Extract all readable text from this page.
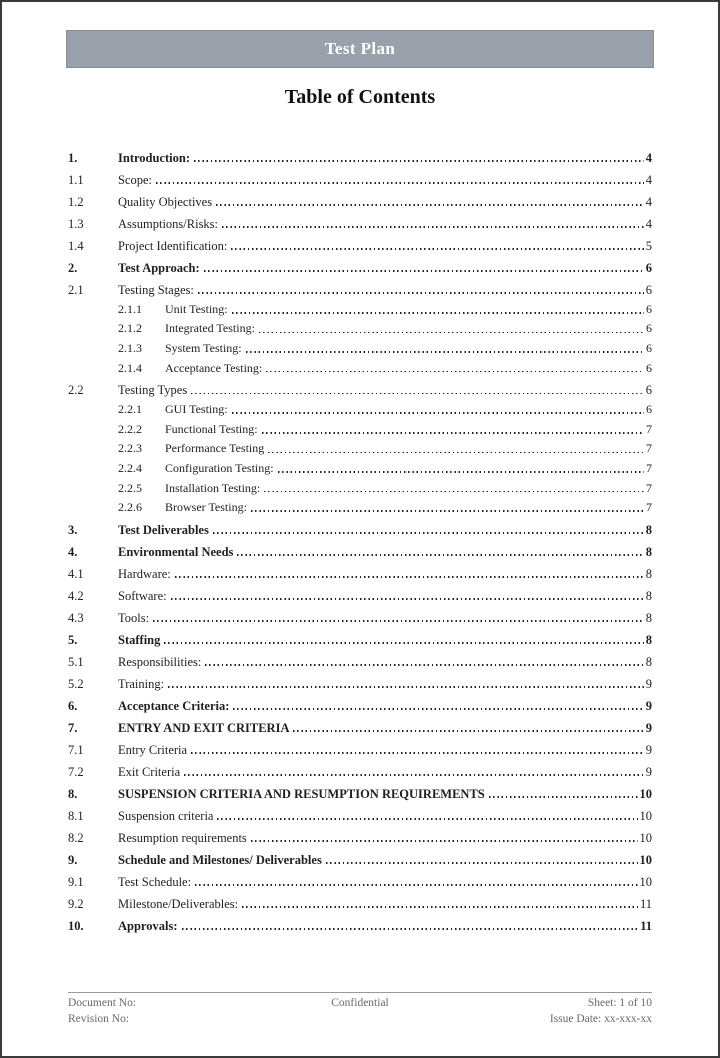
Test Plan
Table of Contents
1.	Introduction:	4
1.1	Scope:	4
1.2	Quality Objectives	4
1.3	Assumptions/Risks:	4
1.4	Project Identification:	5
2.	Test Approach:	6
2.1	Testing Stages:	6
2.1.1	Unit Testing:	6
2.1.2	Integrated Testing:	6
2.1.3	System Testing:	6
2.1.4	Acceptance Testing:	6
2.2	Testing Types	6
2.2.1	GUI Testing:	6
2.2.2	Functional Testing:	7
2.2.3	Performance Testing	7
2.2.4	Configuration Testing:	7
2.2.5	Installation Testing:	7
2.2.6	Browser Testing:	7
3.	Test Deliverables	8
4.	Environmental Needs	8
4.1	Hardware:	8
4.2	Software:	8
4.3	Tools:	8
5.	Staffing	8
5.1	Responsibilities:	8
5.2	Training:	9
6.	Acceptance Criteria:	9
7.	ENTRY AND EXIT CRITERIA	9
7.1	Entry Criteria	9
7.2	Exit Criteria	9
8.	SUSPENSION CRITERIA AND RESUMPTION REQUIREMENTS	10
8.1	Suspension criteria	10
8.2	Resumption requirements	10
9.	Schedule and Milestones/ Deliverables	10
9.1	Test Schedule:	10
9.2	Milestone/Deliverables:	11
10.	Approvals:	11
Document No:
Revision No:
Confidential	Sheet: 1 of 10
Issue Date: xx-xxx-xx
